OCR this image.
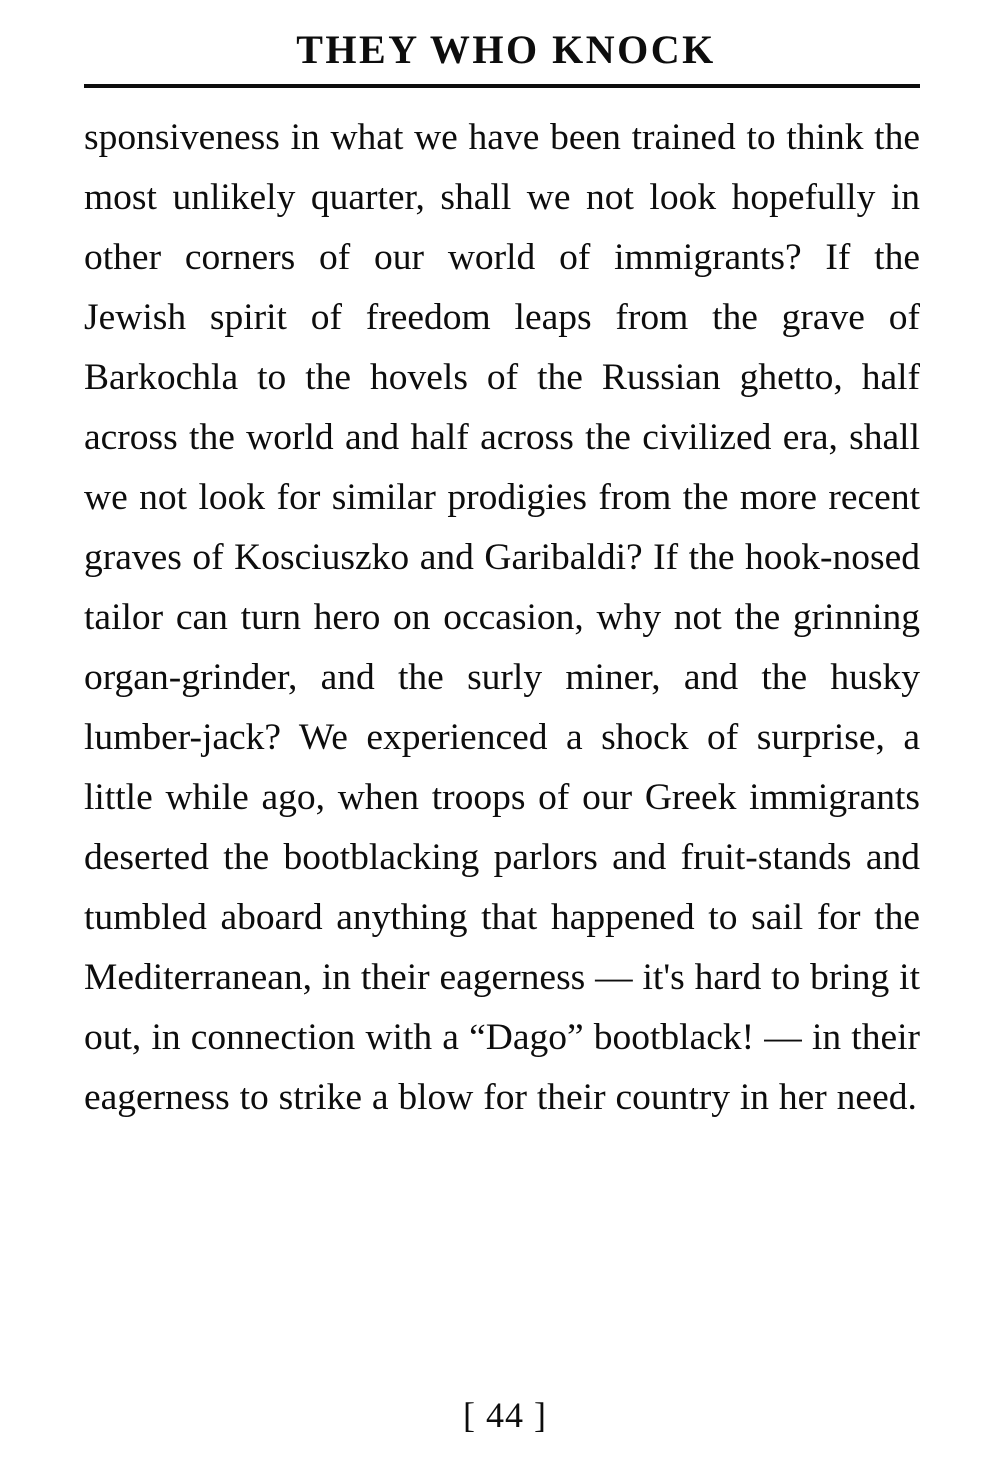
THEY WHO KNOCK

sponsiveness in what we have been trained to think the most unlikely quarter, shall we not look hopefully in other corners of our world of immigrants? If the Jewish spirit of freedom leaps from the grave of Barkochla to the hovels of the Russian ghetto, half across the world and half across the civilized era, shall we not look for similar prodigies from the more recent graves of Kosciuszko and Garibaldi? If the hook-nosed tailor can turn hero on occasion, why not the grinning organ-grinder, and the surly miner, and the husky lumber-jack? We experienced a shock of surprise, a little while ago, when troops of our Greek immigrants deserted the bootblacking parlors and fruit-stands and tumbled aboard anything that happened to sail for the Mediterranean, in their eagerness — it's hard to bring it out, in connection with a “Dago” bootblack! — in their eagerness to strike a blow for their country in her need.

[ 44 ]
